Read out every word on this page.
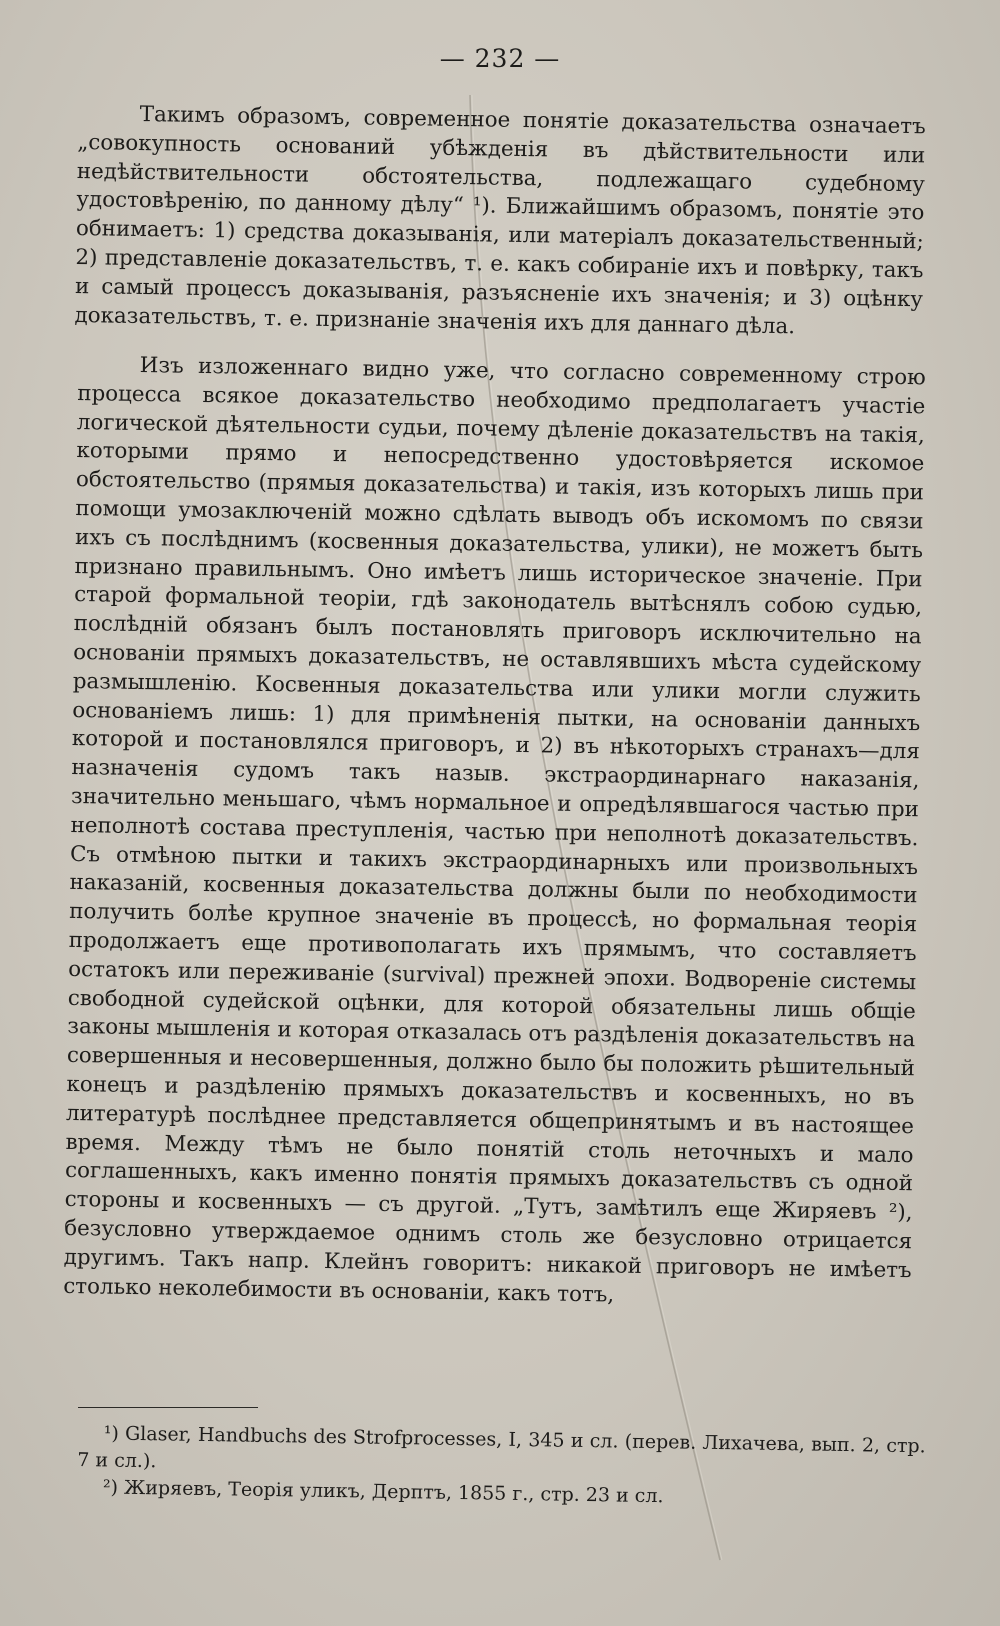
— 232 —

Такимъ образомъ, современное понятіе доказательства означаетъ „совокупность оснований убѣжденія въ дѣйствительности или недѣйствительности обстоятельства, подлежащаго судебному удостовѣренію, по данному дѣлу“ ¹). Ближайшимъ образомъ, понятіе это обнимаетъ: 1) средства доказыванія, или матеріалъ доказательственный; 2) представленіе доказательствъ, т. е. какъ собираніе ихъ и повѣрку, такъ и самый процессъ доказыванія, разъясненіе ихъ значенія; и 3) оцѣнку доказательствъ, т. е. признаніе значенія ихъ для даннаго дѣла.

Изъ изложеннаго видно уже, что согласно современному строю процесса всякое доказательство необходимо предполагаетъ участіе логической дѣятельности судьи, почему дѣленіе доказательствъ на такія, которыми прямо и непосредственно удостовѣряется искомое обстоятельство (прямыя доказательства) и такія, изъ которыхъ лишь при помощи умозаключеній можно сдѣлать выводъ объ искомомъ по связи ихъ съ послѣднимъ (косвенныя доказательства, улики), не можетъ быть признано правильнымъ. Оно имѣетъ лишь историческое значеніе. При старой формальной теоріи, гдѣ законодатель вытѣснялъ собою судью, послѣдній обязанъ былъ постановлять приговоръ исключительно на основаніи прямыхъ доказательствъ, не оставлявшихъ мѣста судейскому размышленію. Косвенныя доказательства или улики могли служить основаніемъ лишь: 1) для примѣненія пытки, на основаніи данныхъ которой и постановлялся приговоръ, и 2) въ нѣкоторыхъ странахъ—для назначенія судомъ такъ назыв. экстраординарнаго наказанія, значительно меньшаго, чѣмъ нормальное и опредѣлявшагося частью при неполнотѣ состава преступленія, частью при неполнотѣ доказательствъ. Съ отмѣною пытки и такихъ экстраординарныхъ или произвольныхъ наказаній, косвенныя доказательства должны были по необходимости получить болѣе крупное значеніе въ процессѣ, но формальная теорія продолжаетъ еще противополагать ихъ прямымъ, что составляетъ остатокъ или переживаніе (survival) прежней эпохи. Водвореніе системы свободной судейской оцѣнки, для которой обязательны лишь общіе законы мышленія и которая отказалась отъ раздѣленія доказательствъ на совершенныя и несовершенныя, должно было бы положить рѣшительный конецъ и раздѣленію прямыхъ доказательствъ и косвенныхъ, но въ литературѣ послѣднее представляется общепринятымъ и въ настоящее время. Между тѣмъ не было понятій столь неточныхъ и мало соглашенныхъ, какъ именно понятія прямыхъ доказательствъ съ одной стороны и косвенныхъ — съ другой. „Тутъ, замѣтилъ еще Жиряевъ ²), безусловно утверждаемое однимъ столь же безусловно отрицается другимъ. Такъ напр. Клейнъ говоритъ: никакой приговоръ не имѣетъ столько неколебимости въ основаніи, какъ тотъ,

¹) Glaser, Handbuchs des Strofprocesses, I, 345 и сл. (перев. Лихачева, вып. 2, стр. 7 и сл.).

²) Жиряевъ, Теорія уликъ, Дерптъ, 1855 г., стр. 23 и сл.
